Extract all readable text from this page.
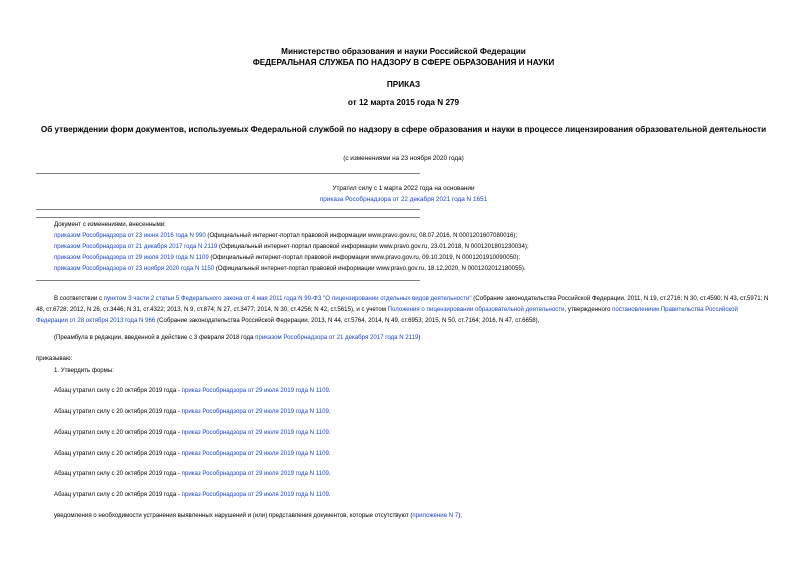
Министерство образования и науки Российской Федерации
ФЕДЕРАЛЬНАЯ СЛУЖБА ПО НАДЗОРУ В СФЕРЕ ОБРАЗОВАНИЯ И НАУКИ
ПРИКАЗ
от 12 марта 2015 года N 279
Об утверждении форм документов, используемых Федеральной службой по надзору в сфере образования и науки в процессе лицензирования образовательной деятельности
(с изменениями на 23 ноября 2020 года)
Утратил силу с 1 марта 2022 года на основании
приказа Рособрнадзора от 22 декабря 2021 года N 1651
Документ с изменениями, внесенными:
приказом Рособрнадзора от 23 июня 2016 года N 990 (Официальный интернет-портал правовой информации www.pravo.gov.ru, 08.07.2016, N 0001201607080016);
приказом Рособрнадзора от 21 декабря 2017 года N 2119 (Официальный интернет-портал правовой информации www.pravo.gov.ru, 23.01.2018, N 0001201801230034);
приказом Рособрнадзора от 29 июля 2019 года N 1109 (Официальный интернет-портал правовой информации www.pravo.gov.ru, 09.10.2019, N 0001201910090050);
приказом Рособрнадзора от 23 ноября 2020 года N 1150 (Официальный интернет-портал правовой информации www.pravo.gov.ru, 18.12.2020, N 0001202012180055).
В соответствии с пунктом 3 части 2 статьи 5 Федерального закона от 4 мая 2011 года N 99-ФЗ "О лицензировании отдельных видов деятельности" (Собрание законодательства Российской Федерации, 2011, N 19, ст.2716; N 30, ст.4590; N 43, ст.5971; N 48, ст.6728; 2012, N 26, ст.3446; N 31, ст.4322; 2013, N 9, ст.874; N 27, ст.3477; 2014, N 30, ст.4256; N 42, ст.5615), и с учетом Положения о лицензировании образовательной деятельности, утвержденного постановлением Правительства Российской Федерации от 28 октября 2013 года N 966 (Собрание законодательства Российской Федерации, 2013, N 44, ст.5764, 2014, N 49, ст.6953; 2015, N 50, ст.7164; 2016, N 47, ст.6658),
(Преамбула в редакции, введенной в действие с 3 февраля 2018 года приказом Рособрнадзора от 21 декабря 2017 года N 2119)
приказываю:
1. Утвердить формы:
Абзац утратил силу с 20 октября 2019 года - приказ Рособрнадзора от 29 июля 2019 года N 1109.
Абзац утратил силу с 20 октября 2019 года - приказ Рособрнадзора от 29 июля 2019 года N 1109.
Абзац утратил силу с 20 октября 2019 года - приказ Рособрнадзора от 29 июля 2019 года N 1109.
Абзац утратил силу с 20 октября 2019 года - приказ Рособрнадзора от 29 июля 2019 года N 1109.
Абзац утратил силу с 20 октября 2019 года - приказ Рособрнадзора от 29 июля 2019 года N 1109.
Абзац утратил силу с 20 октября 2019 года - приказ Рособрнадзора от 29 июля 2019 года N 1109.
уведомления о необходимости устранения выявленных нарушений и (или) представления документов, которые отсутствуют (приложение N 7);
